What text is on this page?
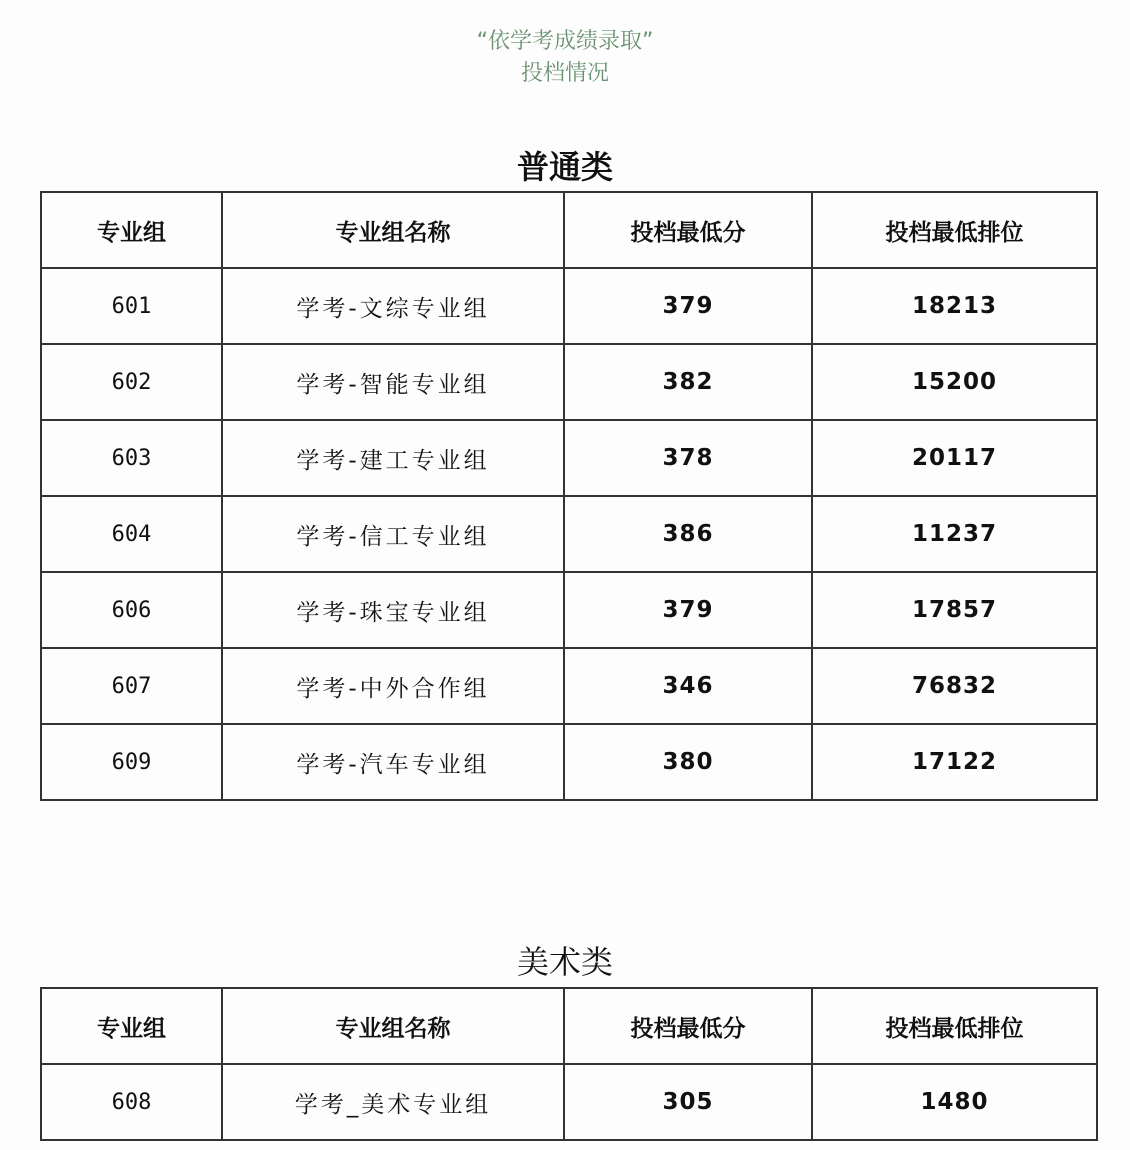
“依学考成绩录取”
投档情况
普通类
专业组	专业组名称	投档最低分	投档最低排位
601	学考-文综专业组	379	18213
602	学考-智能专业组	382	15200
603	学考-建工专业组	378	20117
604	学考-信工专业组	386	11237
606	学考-珠宝专业组	379	17857
607	学考-中外合作组	346	76832
609	学考-汽车专业组	380	17122
美术类
专业组	专业组名称	投档最低分	投档最低排位
608	学考_美术专业组	305	1480
